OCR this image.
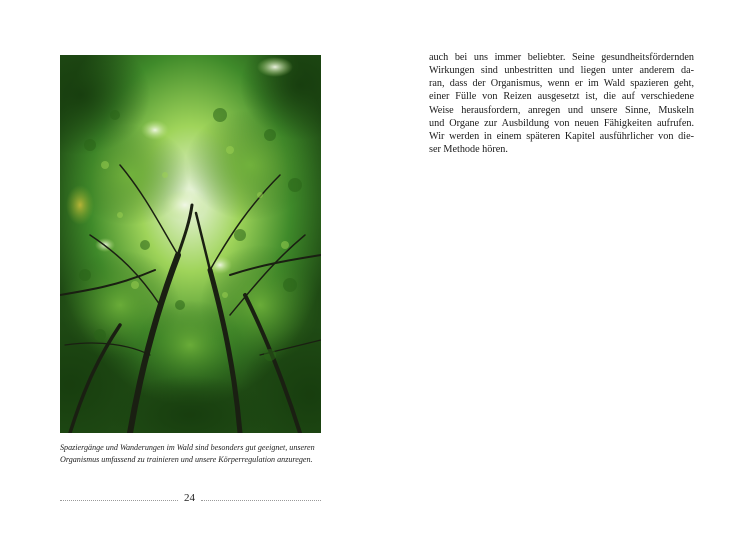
Spaziergänge und Wanderungen im Wald sind besonders gut geeignet, unseren
Organismus umfassend zu trainieren und unsere Körperregulation anzuregen.
24
auch bei uns immer beliebter. Seine gesundheitsfördernden
Wirkungen sind unbestritten und liegen unter anderem da-
ran, dass der Organismus, wenn er im Wald spazieren geht,
einer Fülle von Reizen ausgesetzt ist, die auf verschiedene
Weise herausfordern, anregen und unsere Sinne, Muskeln
und Organe zur Ausbildung von neuen Fähigkeiten aufrufen.
Wir werden in einem späteren Kapitel ausführlicher von die-
ser Methode hören.
